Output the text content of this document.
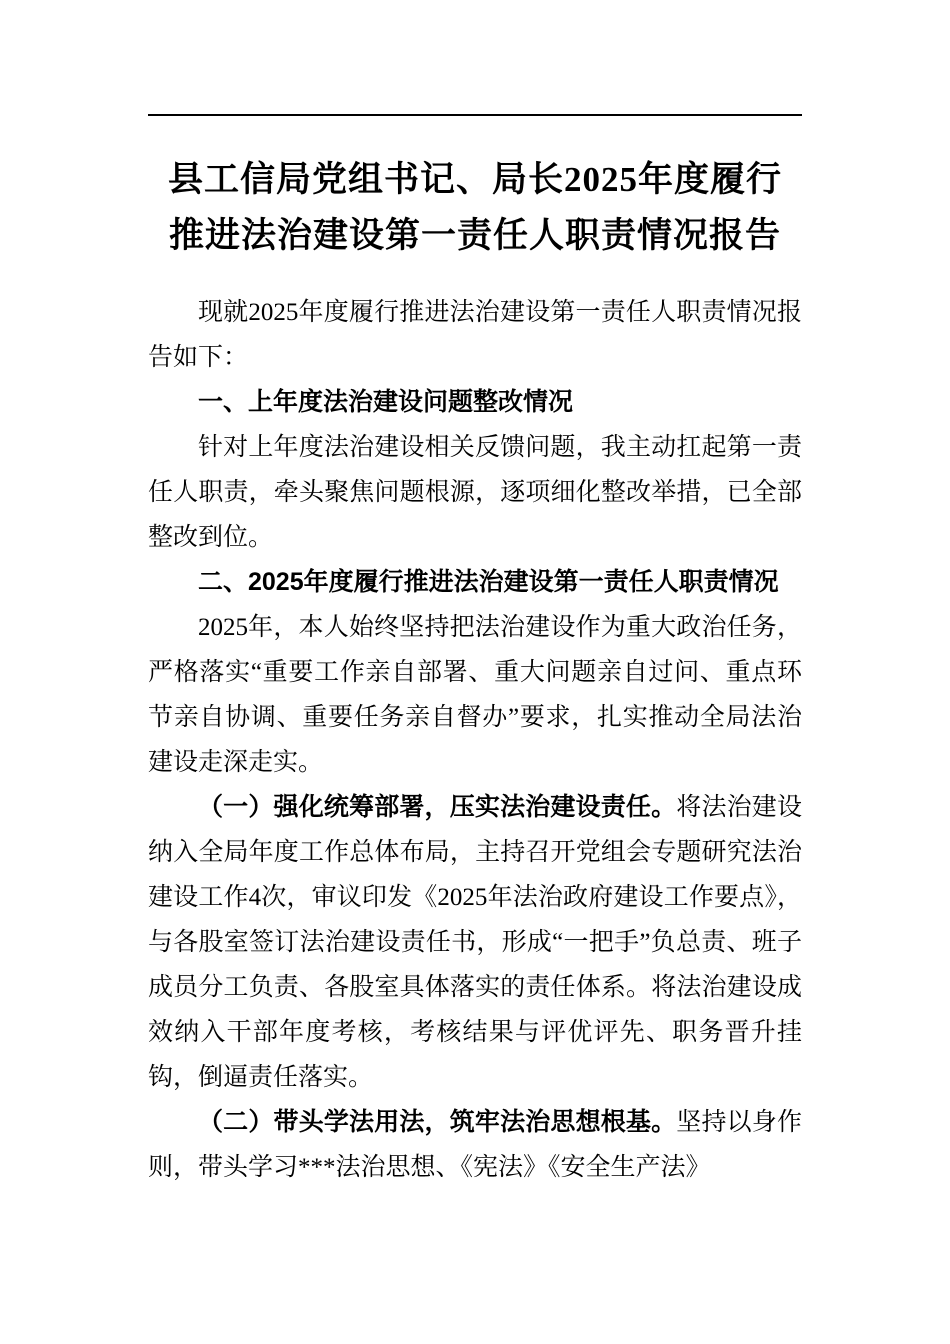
县工信局党组书记、局长2025年度履行
推进法治建设第一责任人职责情况报告

现就2025年度履行推进法治建设第一责任人职责情况报告如下：

一、上年度法治建设问题整改情况

针对上年度法治建设相关反馈问题，我主动扛起第一责任人职责，牵头聚焦问题根源，逐项细化整改举措，已全部整改到位。

二、2025年度履行推进法治建设第一责任人职责情况

2025年，本人始终坚持把法治建设作为重大政治任务，严格落实“重要工作亲自部署、重大问题亲自过问、重点环节亲自协调、重要任务亲自督办”要求，扎实推动全局法治建设走深走实。

（一）强化统筹部署，压实法治建设责任。将法治建设纳入全局年度工作总体布局，主持召开党组会专题研究法治建设工作4次，审议印发《2025年法治政府建设工作要点》，与各股室签订法治建设责任书，形成“一把手”负总责、班子成员分工负责、各股室具体落实的责任体系。将法治建设成效纳入干部年度考核，考核结果与评优评先、职务晋升挂钩，倒逼责任落实。

（二）带头学法用法，筑牢法治思想根基。坚持以身作则，带头学习***法治思想、《宪法》《安全生产法》
